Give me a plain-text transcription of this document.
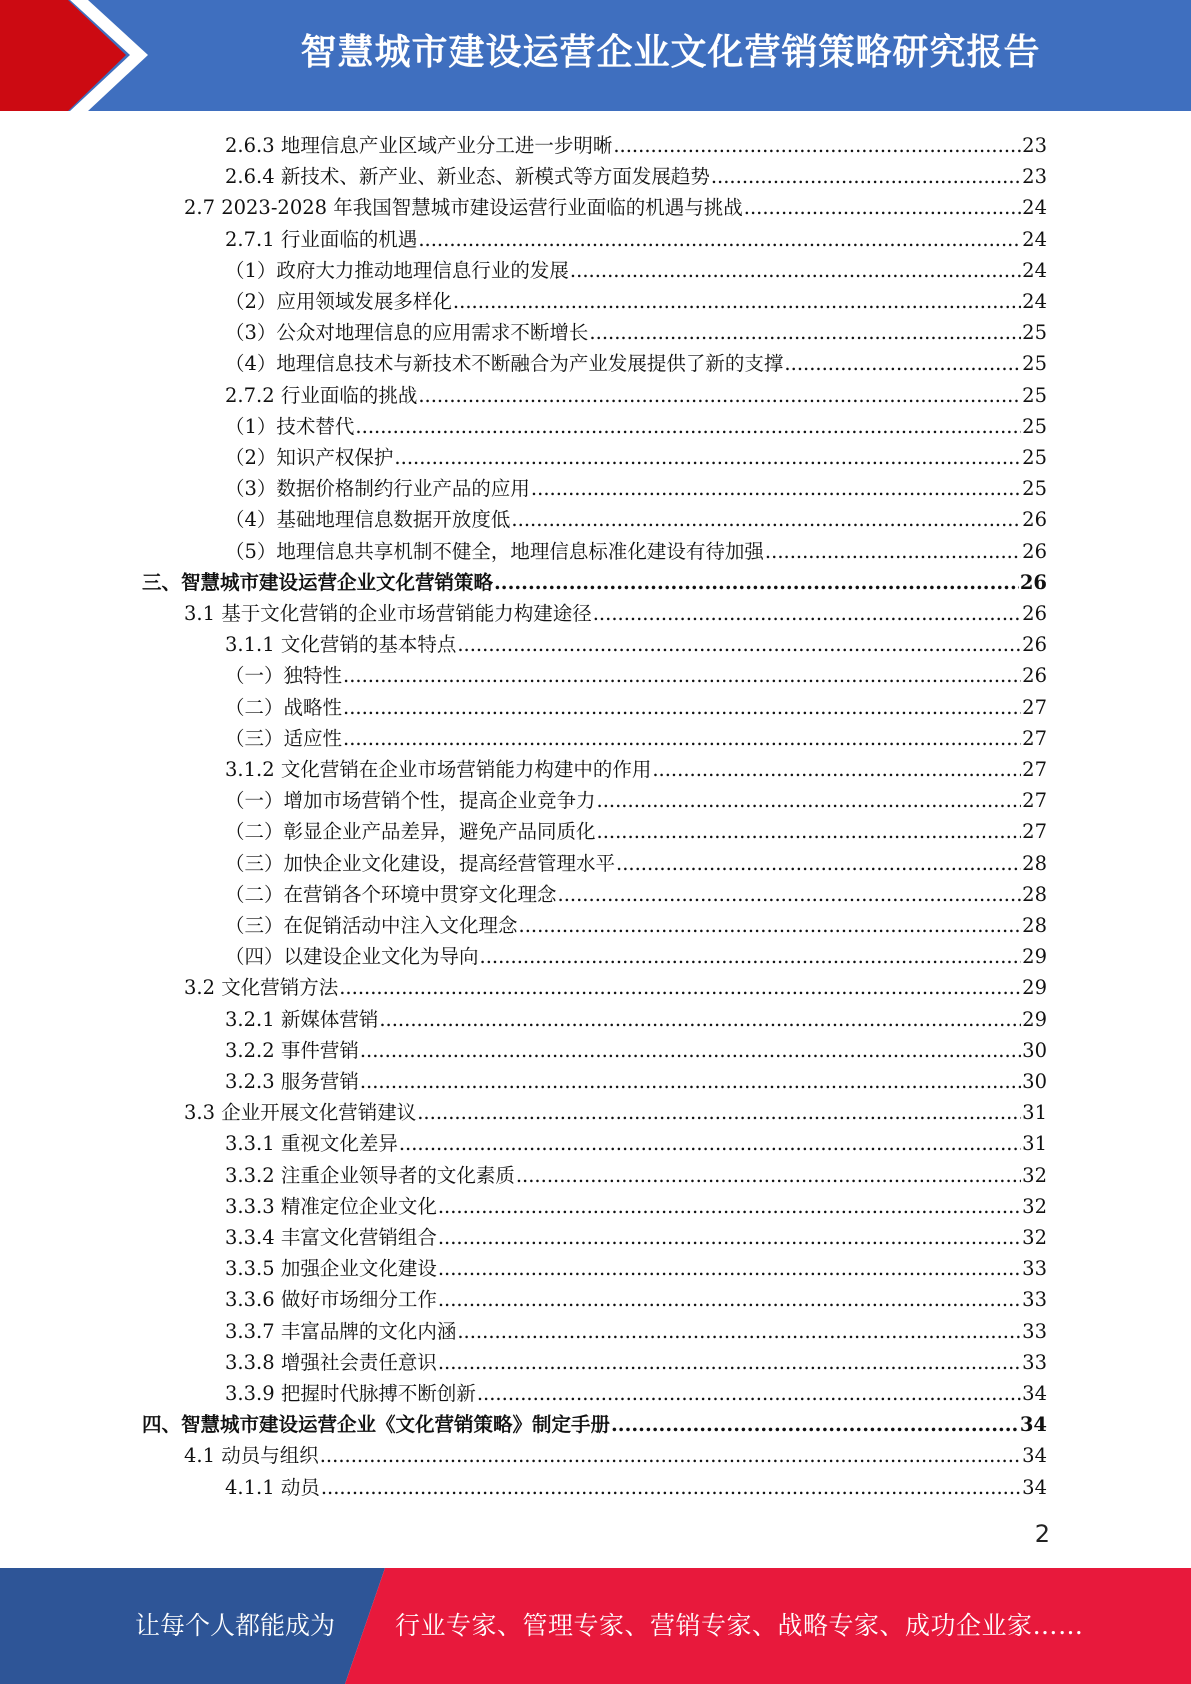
智慧城市建设运营企业文化营销策略研究报告
2.6.3 地理信息产业区域产业分工进一步明晰 .....	23
2.6.4 新技术、新产业、新业态、新模式等方面发展趋势 .....	23
2.7 2023-2028 年我国智慧城市建设运营行业面临的机遇与挑战 .....	24
2.7.1 行业面临的机遇 .....	24
（1）政府大力推动地理信息行业的发展 .....	24
（2）应用领域发展多样化 .....	24
（3）公众对地理信息的应用需求不断增长 .....	25
（4）地理信息技术与新技术不断融合为产业发展提供了新的支撑 .....	25
2.7.2 行业面临的挑战 .....	25
（1）技术替代 .....	25
（2）知识产权保护 .....	25
（3）数据价格制约行业产品的应用 .....	25
（4）基础地理信息数据开放度低 .....	26
（5）地理信息共享机制不健全，地理信息标准化建设有待加强 .....	26
三、智慧城市建设运营企业文化营销策略 .....	26
3.1 基于文化营销的企业市场营销能力构建途径 .....	26
3.1.1 文化营销的基本特点 .....	26
（一）独特性 .....	26
（二）战略性 .....	27
（三）适应性 .....	27
3.1.2 文化营销在企业市场营销能力构建中的作用 .....	27
（一）增加市场营销个性，提高企业竞争力 .....	27
（二）彰显企业产品差异，避免产品同质化 .....	27
（三）加快企业文化建设，提高经营管理水平 .....	28
（二）在营销各个环境中贯穿文化理念 .....	28
（三）在促销活动中注入文化理念 .....	28
（四）以建设企业文化为导向 .....	29
3.2 文化营销方法 .....	29
3.2.1 新媒体营销 .....	29
3.2.2 事件营销 .....	30
3.2.3 服务营销 .....	30
3.3 企业开展文化营销建议 .....	31
3.3.1 重视文化差异 .....	31
3.3.2 注重企业领导者的文化素质 .....	32
3.3.3 精准定位企业文化 .....	32
3.3.4 丰富文化营销组合 .....	32
3.3.5 加强企业文化建设 .....	33
3.3.6 做好市场细分工作 .....	33
3.3.7 丰富品牌的文化内涵 .....	33
3.3.8 增强社会责任意识 .....	33
3.3.9 把握时代脉搏不断创新 .....	34
四、智慧城市建设运营企业《文化营销策略》制定手册 .....	34
4.1 动员与组织 .....	34
4.1.1 动员 .....	34
2
让每个人都能成为	行业专家、管理专家、营销专家、战略专家、成功企业家……
